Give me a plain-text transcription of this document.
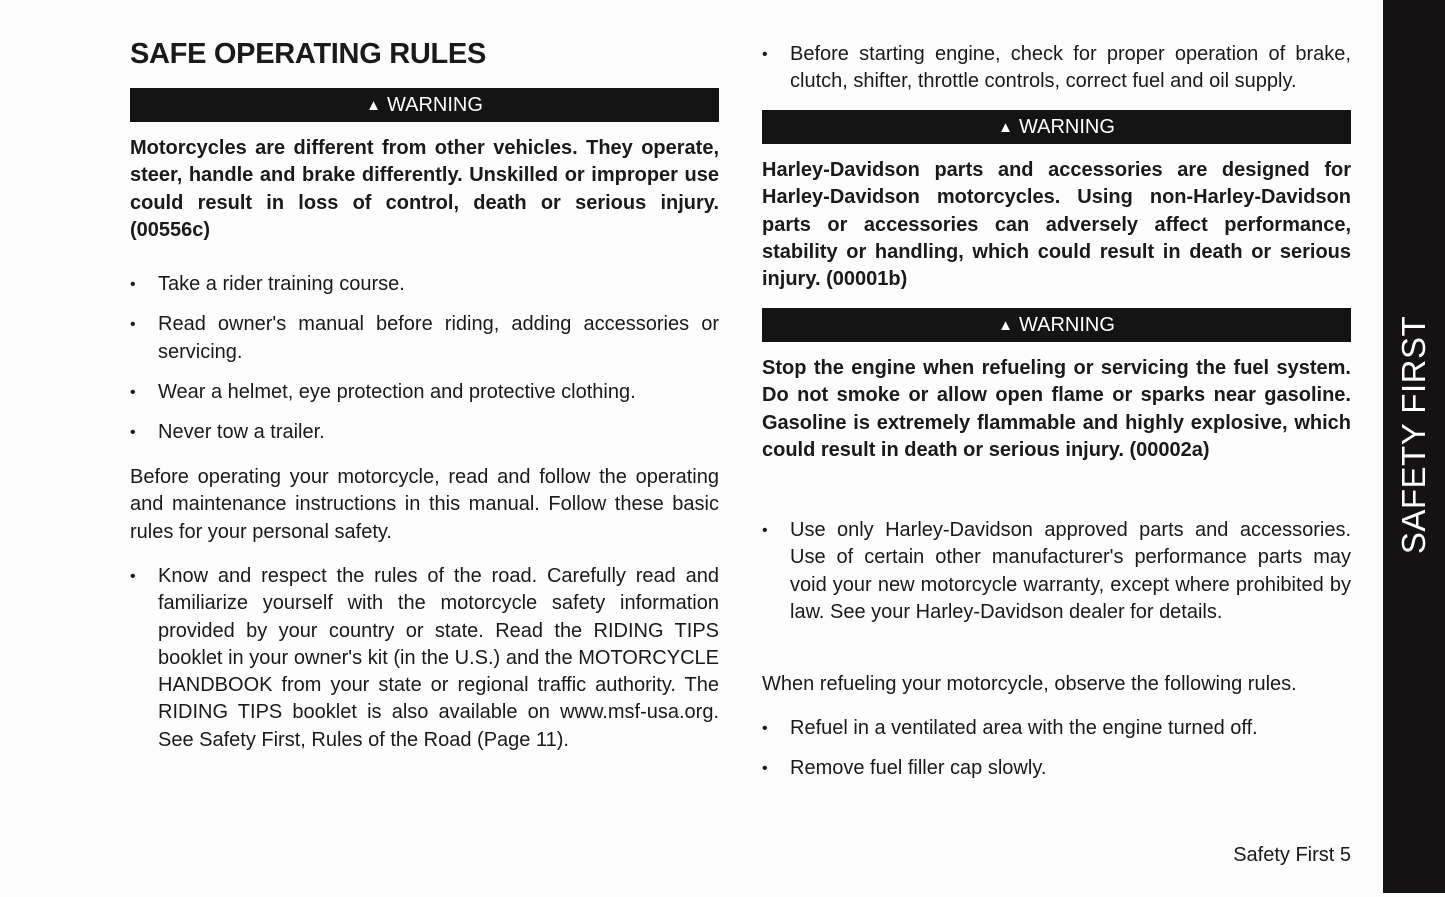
SAFE OPERATING RULES
▲ WARNING
Motorcycles are different from other vehicles. They operate, steer, handle and brake differently. Unskilled or improper use could result in loss of control, death or serious injury. (00556c)
• Take a rider training course.
• Read owner's manual before riding, adding accessories or servicing.
• Wear a helmet, eye protection and protective clothing.
• Never tow a trailer.
Before operating your motorcycle, read and follow the operating and maintenance instructions in this manual. Follow these basic rules for your personal safety.
• Know and respect the rules of the road. Carefully read and familiarize yourself with the motorcycle safety information provided by your country or state. Read the RIDING TIPS booklet in your owner's kit (in the U.S.) and the MOTORCYCLE HANDBOOK from your state or regional traffic authority. The RIDING TIPS booklet is also available on www.msf-usa.org. See Safety First, Rules of the Road (Page 11).
• Before starting engine, check for proper operation of brake, clutch, shifter, throttle controls, correct fuel and oil supply.
▲ WARNING
Harley-Davidson parts and accessories are designed for Harley-Davidson motorcycles. Using non-Harley-Davidson parts or accessories can adversely affect performance, stability or handling, which could result in death or serious injury. (00001b)
▲ WARNING
Stop the engine when refueling or servicing the fuel system. Do not smoke or allow open flame or sparks near gasoline. Gasoline is extremely flammable and highly explosive, which could result in death or serious injury. (00002a)
• Use only Harley-Davidson approved parts and accessories. Use of certain other manufacturer's performance parts may void your new motorcycle warranty, except where prohibited by law. See your Harley-Davidson dealer for details.
When refueling your motorcycle, observe the following rules.
• Refuel in a ventilated area with the engine turned off.
• Remove fuel filler cap slowly.
SAFETY FIRST
Safety First 5
